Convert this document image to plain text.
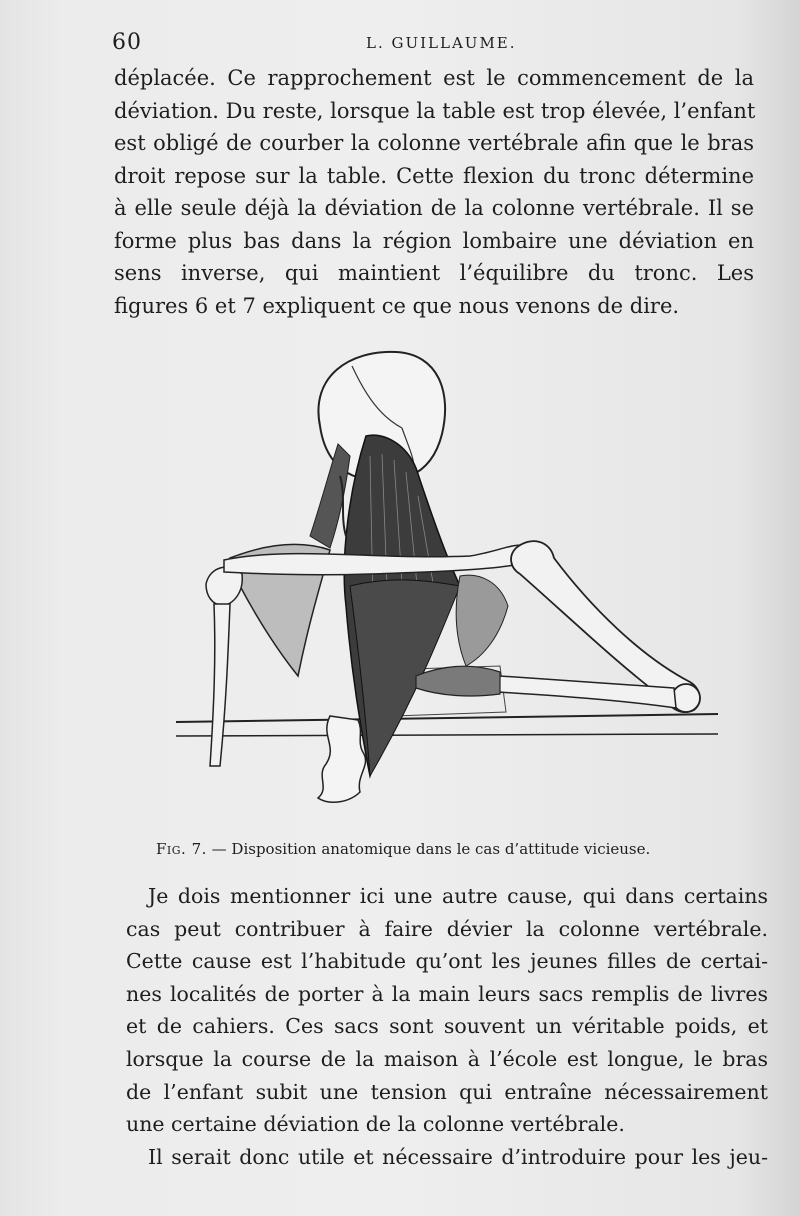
60	L. GUILLAUME.

déplacée. Ce rapprochement est le commencement de la
déviation. Du reste, lorsque la table est trop élevée, l’enfant
est obligé de courber la colonne vertébrale afin que le bras
droit repose sur la table. Cette flexion du tronc détermine
à elle seule déjà la déviation de la colonne vertébrale. Il se
forme plus bas dans la région lombaire une déviation en
sens inverse, qui maintient l’équilibre du tronc. Les
figures 6 et 7 expliquent ce que nous venons de dire.

Fig. 7. — Disposition anatomique dans le cas d’attitude vicieuse.

Je dois mentionner ici une autre cause, qui dans certains
cas peut contribuer à faire dévier la colonne vertébrale.
Cette cause est l’habitude qu’ont les jeunes filles de certai-
nes localités de porter à la main leurs sacs remplis de livres
et de cahiers. Ces sacs sont souvent un véritable poids, et
lorsque la course de la maison à l’école est longue, le bras
de l’enfant subit une tension qui entraîne nécessairement
une certaine déviation de la colonne vertébrale.
Il serait donc utile et nécessaire d’introduire pour les jeu-
